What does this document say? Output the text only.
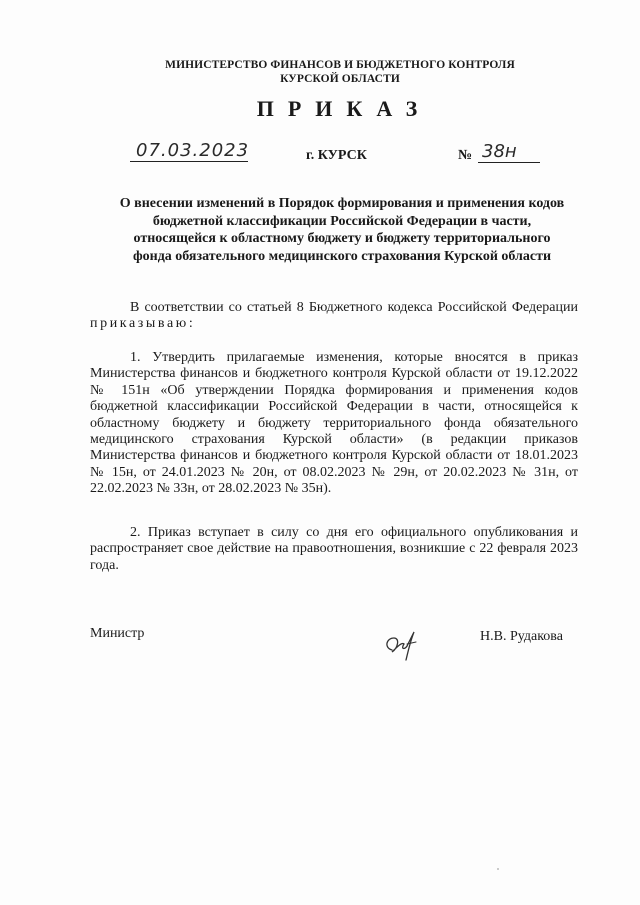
МИНИСТЕРСТВО ФИНАНСОВ И БЮДЖЕТНОГО КОНТРОЛЯ
КУРСКОЙ ОБЛАСТИ
ПРИКАЗ
07.03.2023	г. КУРСК	№ 38н
О внесении изменений в Порядок формирования и применения кодов
бюджетной классификации Российской Федерации в части,
относящейся к областному бюджету и бюджету территориального
фонда обязательного медицинского страхования Курской области
В соответствии со статьей 8 Бюджетного кодекса Российской Федерации приказываю:
1. Утвердить прилагаемые изменения, которые вносятся в приказ Министерства финансов и бюджетного контроля Курской области от 19.12.2022 № 151н «Об утверждении Порядка формирования и применения кодов бюджетной классификации Российской Федерации в части, относящейся к областному бюджету и бюджету территориального фонда обязательного медицинского страхования Курской области» (в редакции приказов Министерства финансов и бюджетного контроля Курской области от 18.01.2023 № 15н, от 24.01.2023 № 20н, от 08.02.2023 № 29н, от 20.02.2023 № 31н, от 22.02.2023 № 33н, от 28.02.2023 № 35н).
2. Приказ вступает в силу со дня его официального опубликования и распространяет свое действие на правоотношения, возникшие с 22 февраля 2023 года.
Министр	Н.В. Рудакова
